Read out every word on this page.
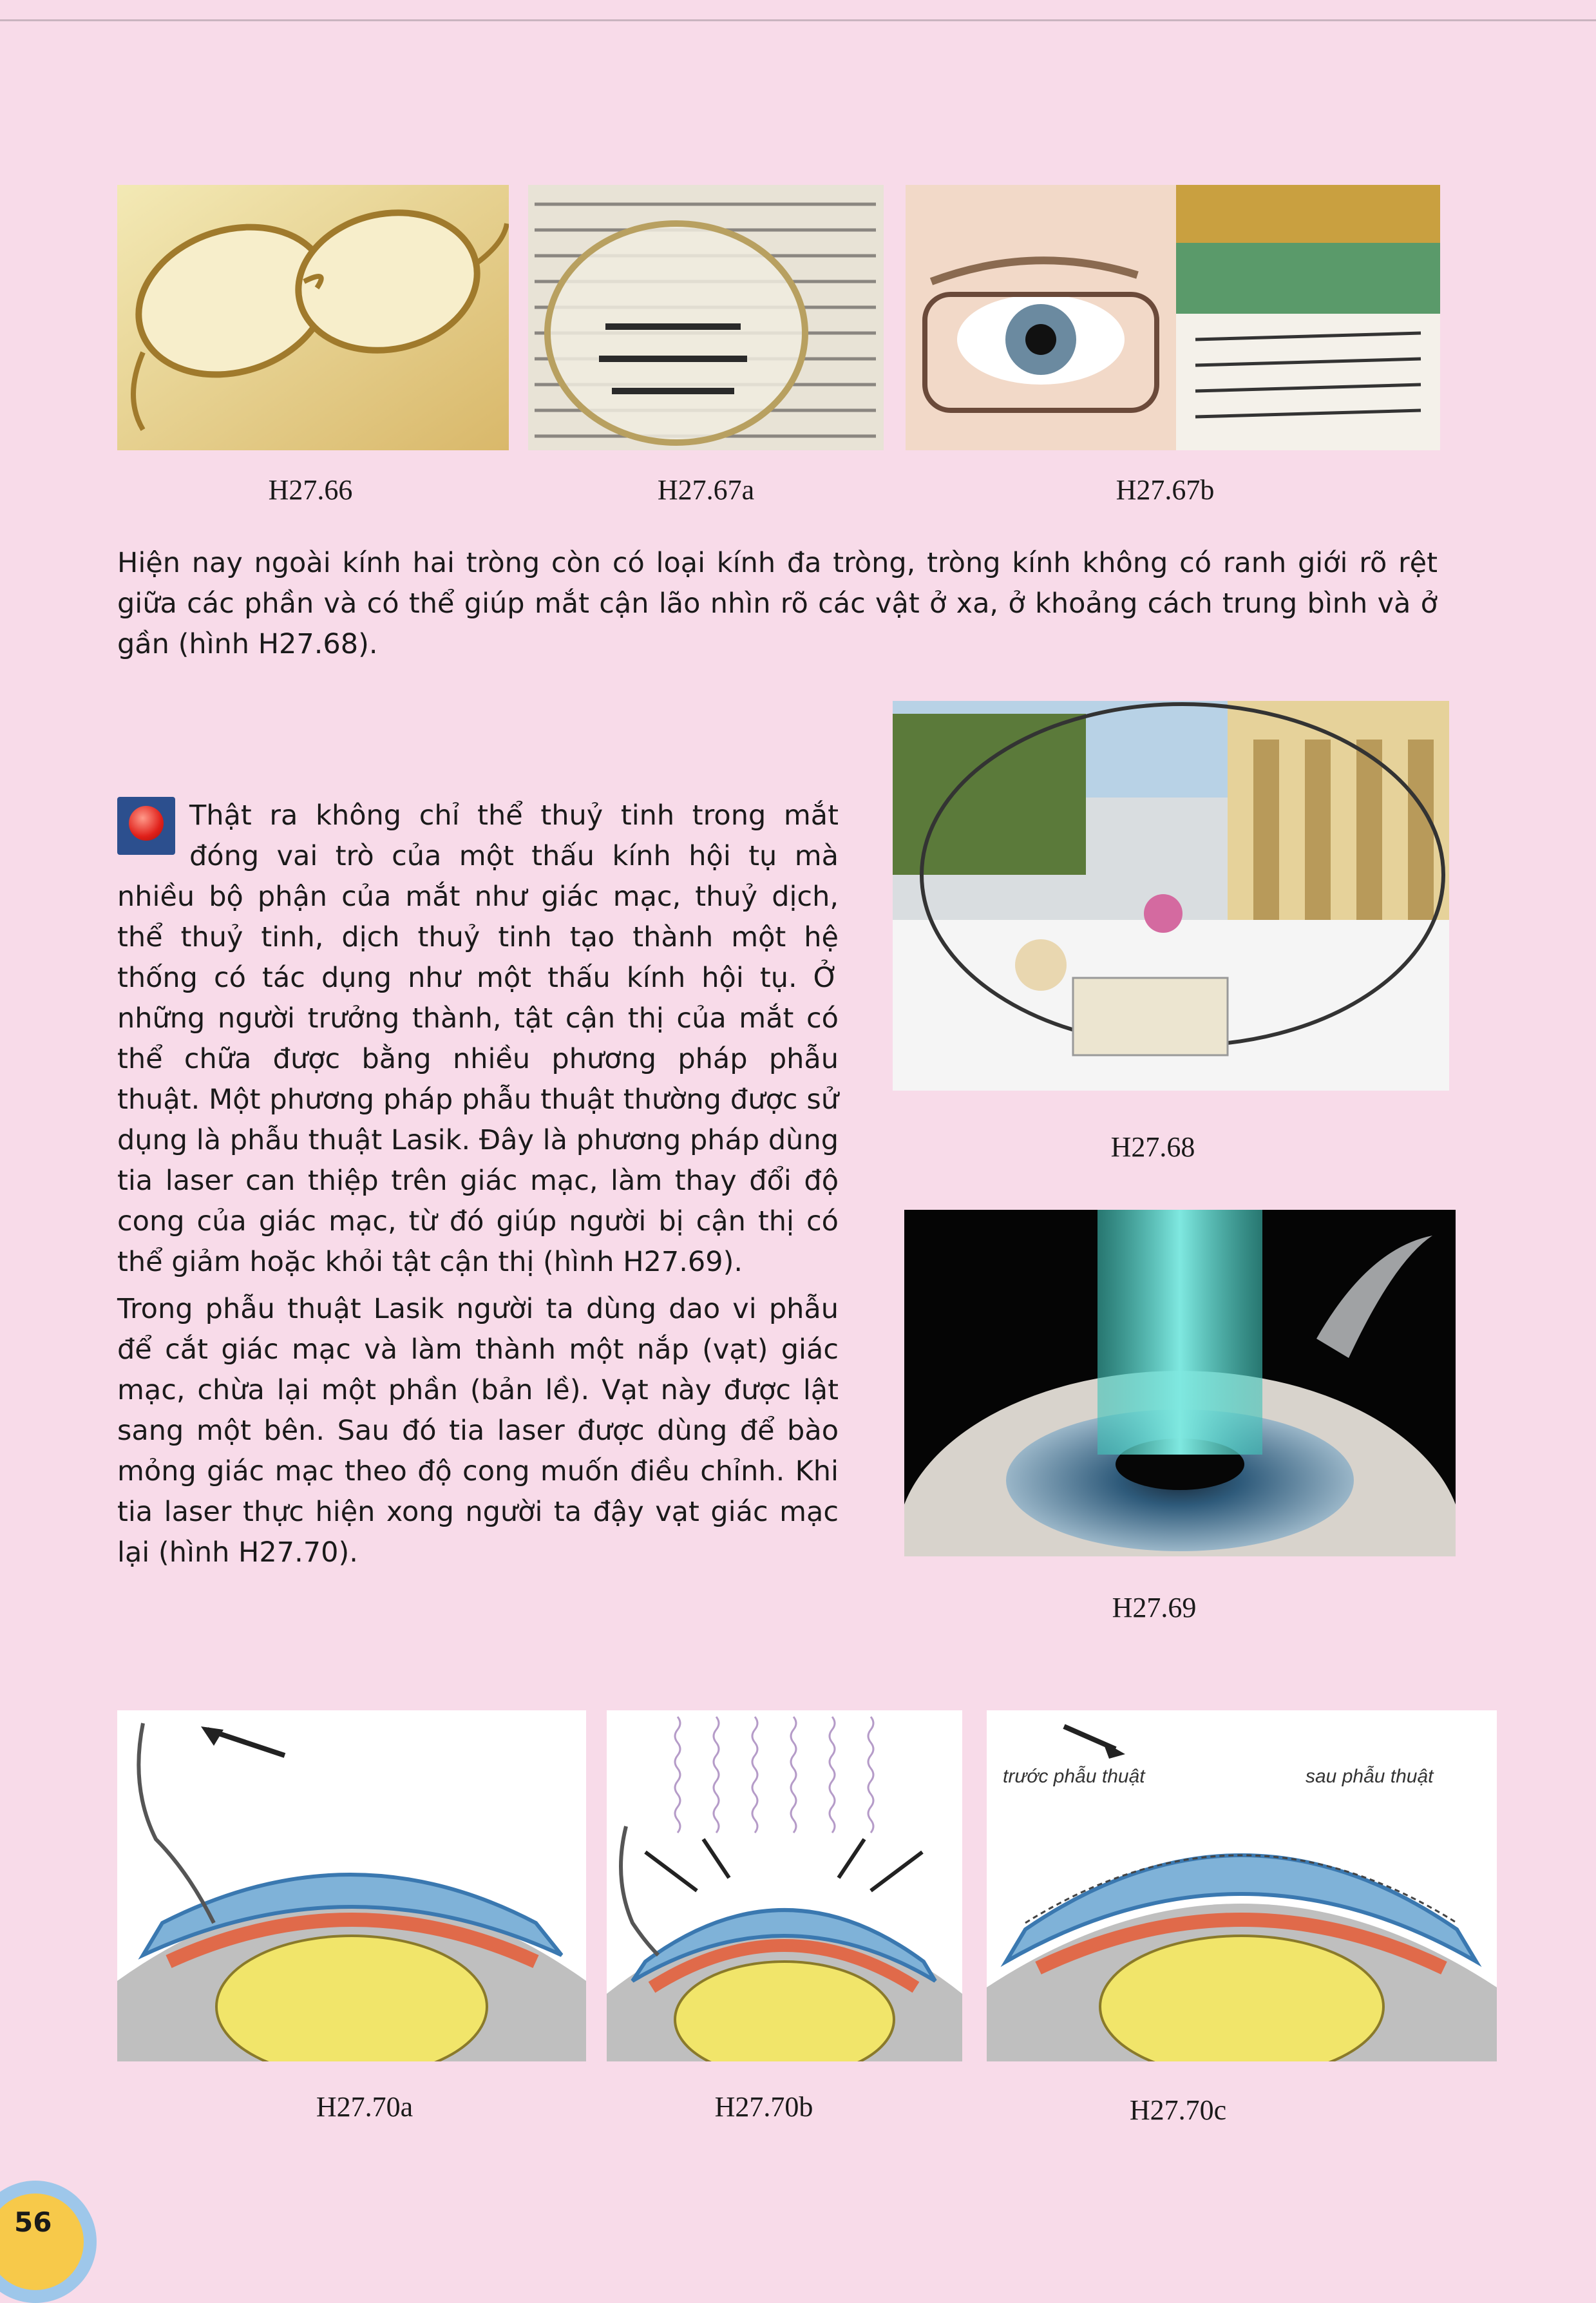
H27.66	H27.67a	H27.67b
Hiện nay ngoài kính hai tròng còn có loại kính đa tròng, tròng kính không có ranh giới rõ rệt giữa các phần và có thể giúp mắt cận lão nhìn rõ các vật ở xa, ở khoảng cách trung bình và ở gần (hình H27.68).

Thật ra không chỉ thể thuỷ tinh trong mắt đóng vai trò của một thấu kính hội tụ mà nhiều bộ phận của mắt như giác mạc, thuỷ dịch, thể thuỷ tinh, dịch thuỷ tinh tạo thành một hệ thống có tác dụng như một thấu kính hội tụ. Ở những người trưởng thành, tật cận thị của mắt có thể chữa được bằng nhiều phương pháp phẫu thuật. Một phương pháp phẫu thuật thường được sử dụng là phẫu thuật Lasik. Đây là phương pháp dùng tia laser can thiệp trên giác mạc, làm thay đổi độ cong của giác mạc, từ đó giúp người bị cận thị có thể giảm hoặc khỏi tật cận thị (hình H27.69).

Trong phẫu thuật Lasik người ta dùng dao vi phẫu để cắt giác mạc và làm thành một nắp (vạt) giác mạc, chừa lại một phần (bản lề). Vạt này được lật sang một bên. Sau đó tia laser được dùng để bào mỏng giác mạc theo độ cong muốn điều chỉnh. Khi tia laser thực hiện xong người ta đậy vạt giác mạc lại (hình H27.70).

H27.68
H27.69
H27.70a	H27.70b
trước phẫu thuật	sau phẫu thuật
H27.70c
56
